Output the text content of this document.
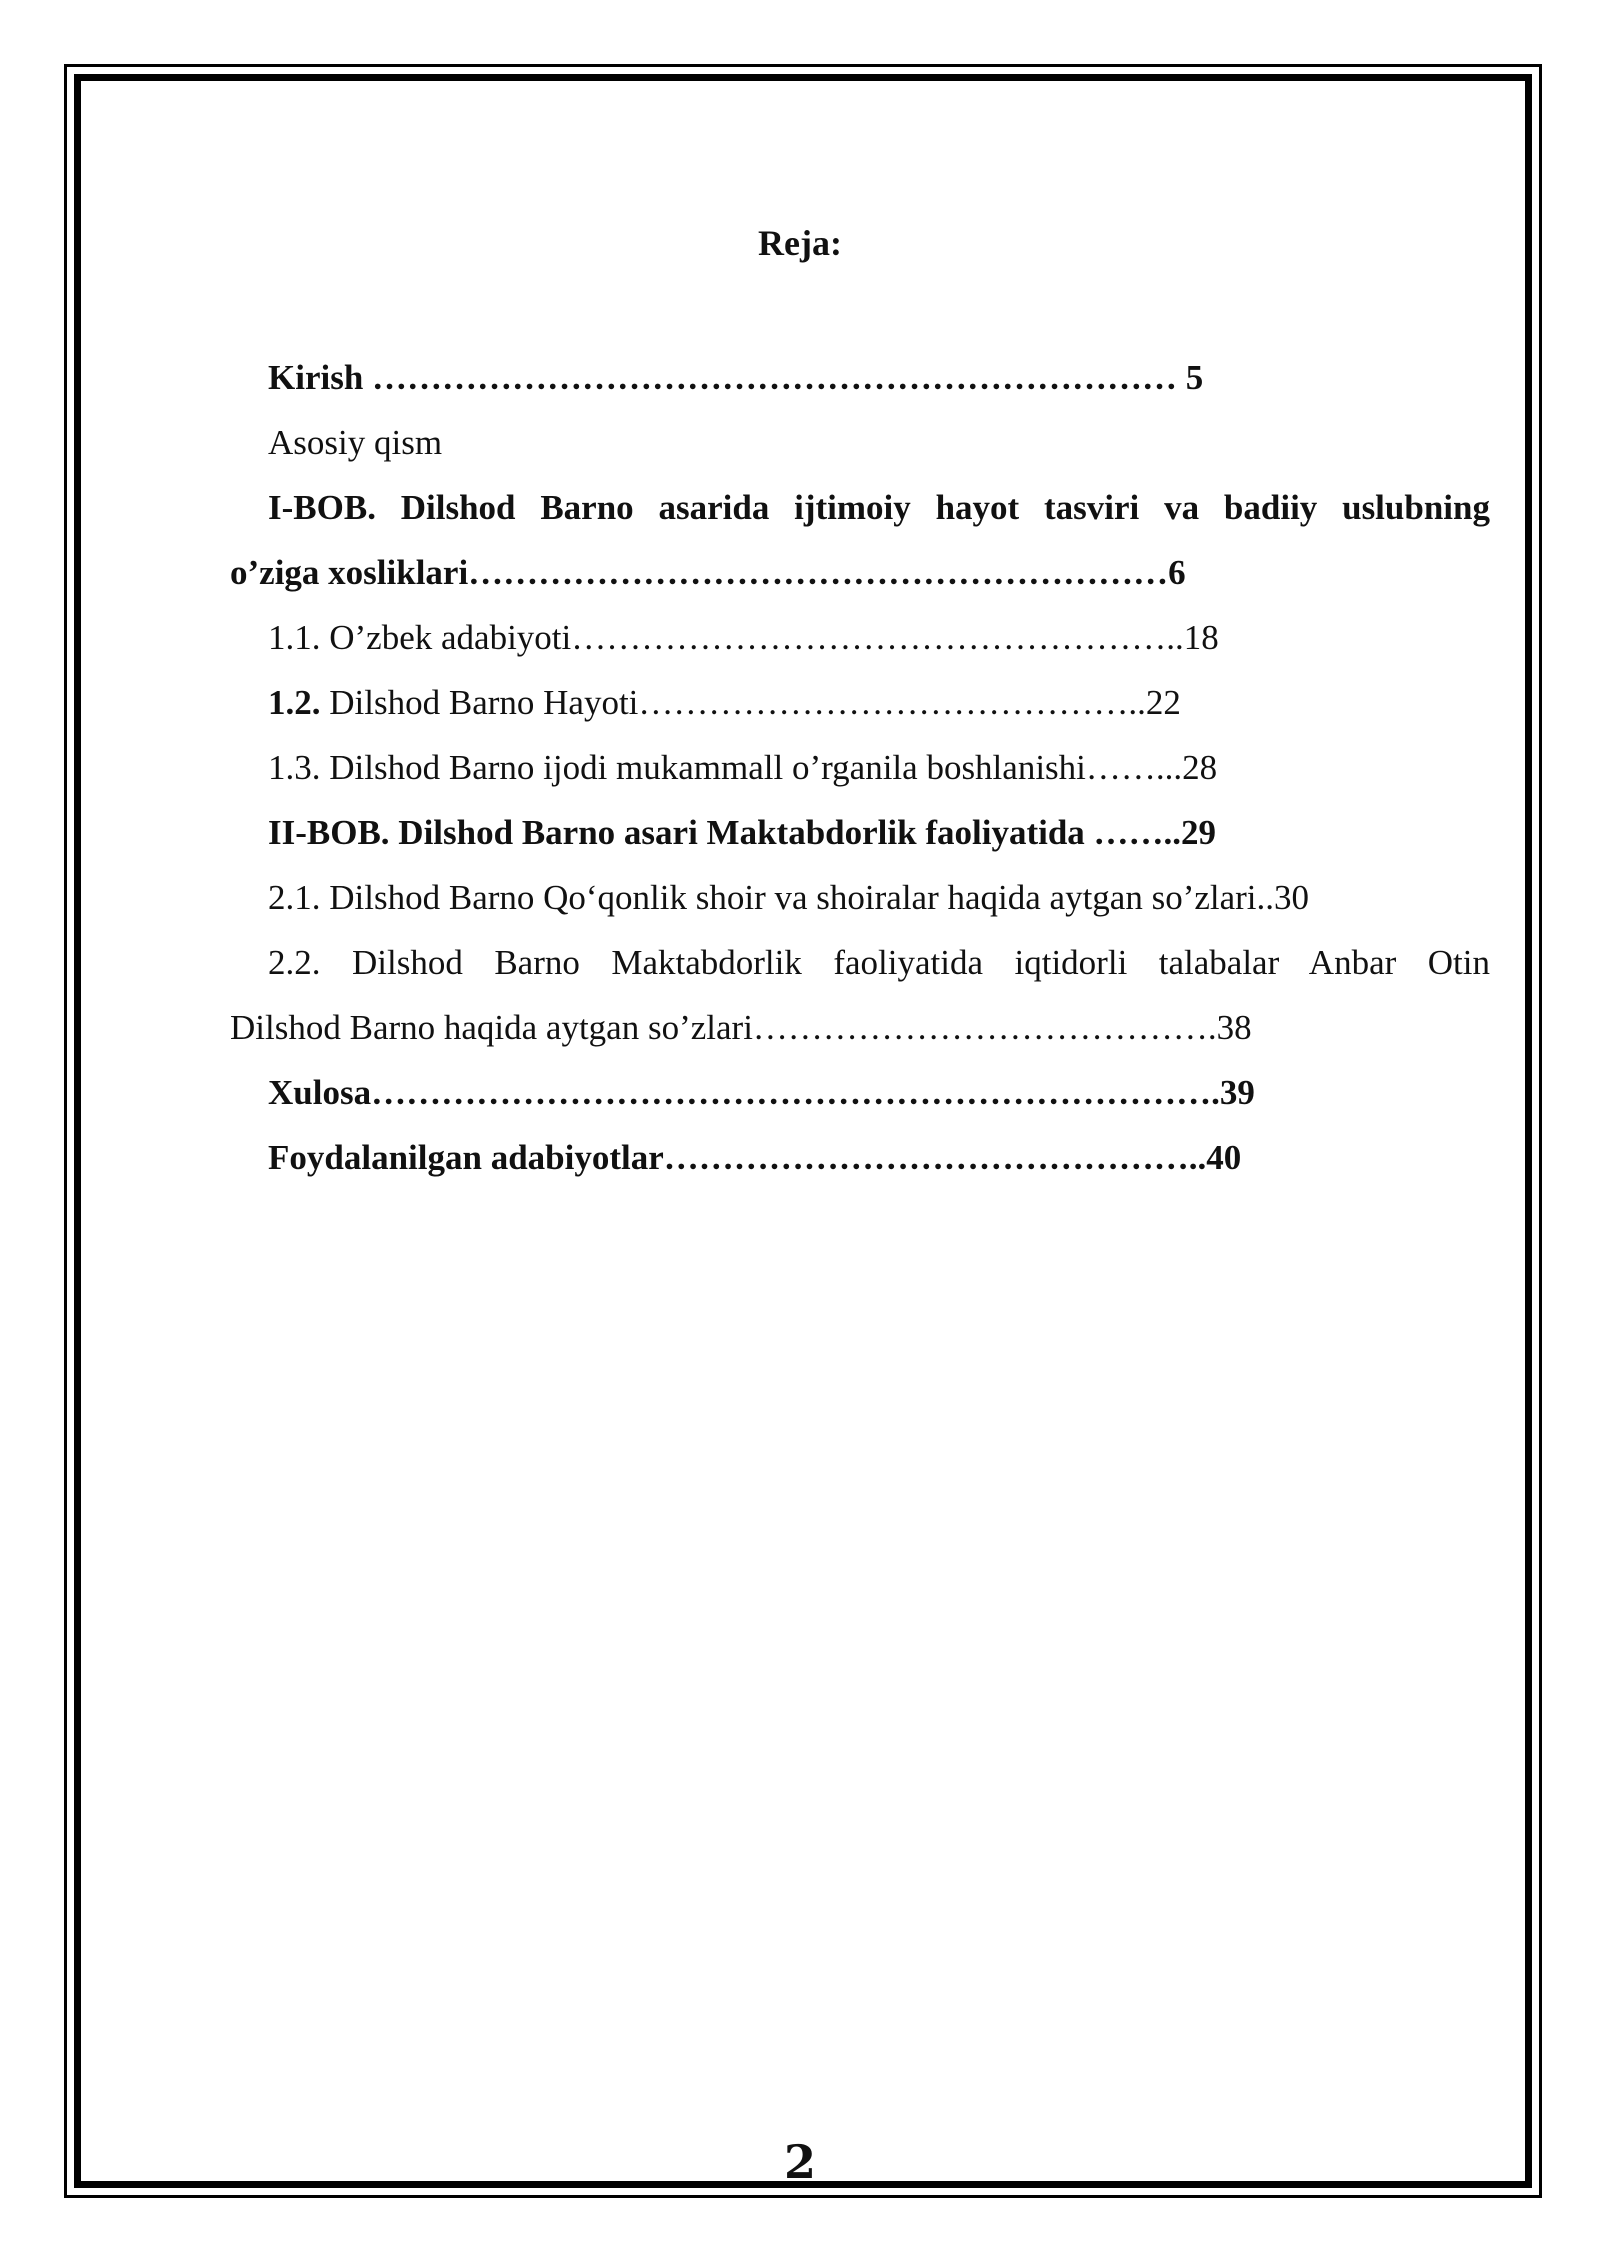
Reja:
Kirish …………………………………………………………… 5
Asosiy qism
I-BOB. Dilshod Barno asarida ijtimoiy hayot tasviri va badiiy uslubning
o’ziga xosliklari……………………………………………………6
1.1. O’zbek adabiyoti……………………………………………..18
1.2. Dilshod Barno Hayoti……………………………………..22
1.3. Dilshod Barno ijodi mukammall o’rganila boshlanishi……...28
II-BOB. Dilshod Barno asari Maktabdorlik faoliyatida ……..29
2.1. Dilshod Barno Qo‘qonlik shoir va shoiralar haqida aytgan so’zlari..30
2.2. Dilshod Barno Maktabdorlik faoliyatida iqtidorli talabalar Anbar Otin
Dilshod Barno haqida aytgan so’zlari………………………………….38
Xulosa……………………………………………………………….39
Foydalanilgan adabiyotlar………………………………………..40
2
